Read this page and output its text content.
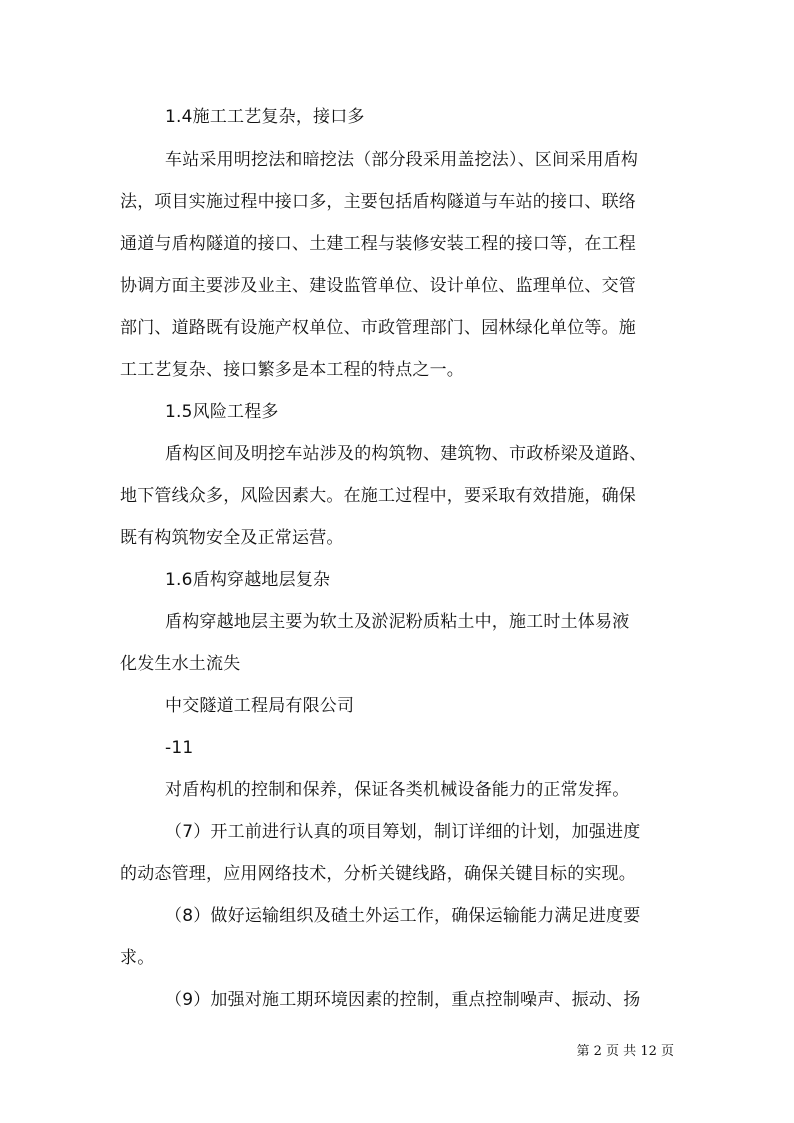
1.4施工工艺复杂，接口多
车站采用明挖法和暗挖法（部分段采用盖挖法）、区间采用盾构
法，项目实施过程中接口多，主要包括盾构隧道与车站的接口、联络
通道与盾构隧道的接口、土建工程与装修安装工程的接口等，在工程
协调方面主要涉及业主、建设监管单位、设计单位、监理单位、交管
部门、道路既有设施产权单位、市政管理部门、园林绿化单位等。施
工工艺复杂、接口繁多是本工程的特点之一。
1.5风险工程多
盾构区间及明挖车站涉及的构筑物、建筑物、市政桥梁及道路、
地下管线众多，风险因素大。在施工过程中，要采取有效措施，确保
既有构筑物安全及正常运营。
1.6盾构穿越地层复杂
盾构穿越地层主要为软土及淤泥粉质粘土中，施工时土体易液
化发生水土流失
中交隧道工程局有限公司
-11
对盾构机的控制和保养，保证各类机械设备能力的正常发挥。
（7）开工前进行认真的项目筹划，制订详细的计划，加强进度
的动态管理，应用网络技术，分析关键线路，确保关键目标的实现。
（8）做好运输组织及碴土外运工作，确保运输能力满足进度要
求。
（9）加强对施工期环境因素的控制，重点控制噪声、振动、扬
第 2 页 共 12 页
